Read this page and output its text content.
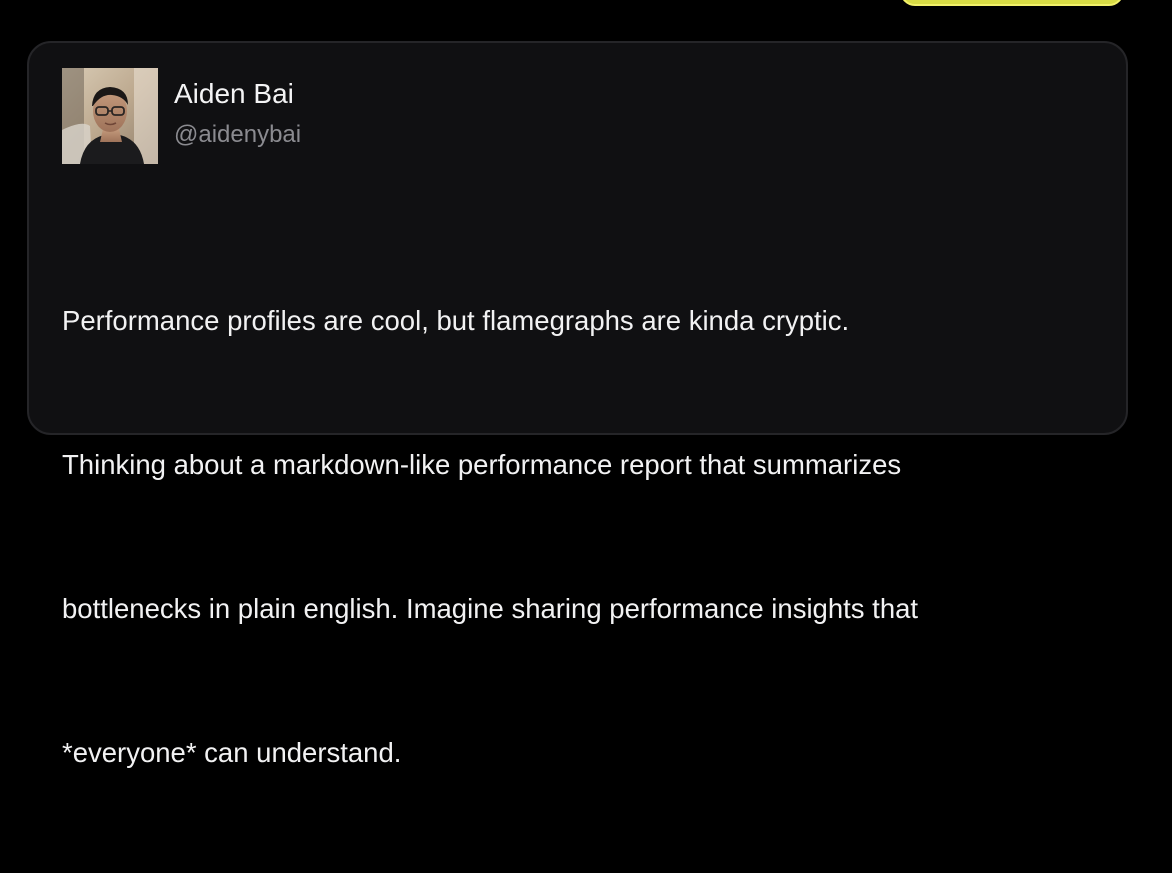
Aiden Bai
@aidenybai

Performance profiles are cool, but flamegraphs are kinda cryptic.

Thinking about a markdown-like performance report that summarizes

bottlenecks in plain english. Imagine sharing performance insights that

*everyone* can understand.
